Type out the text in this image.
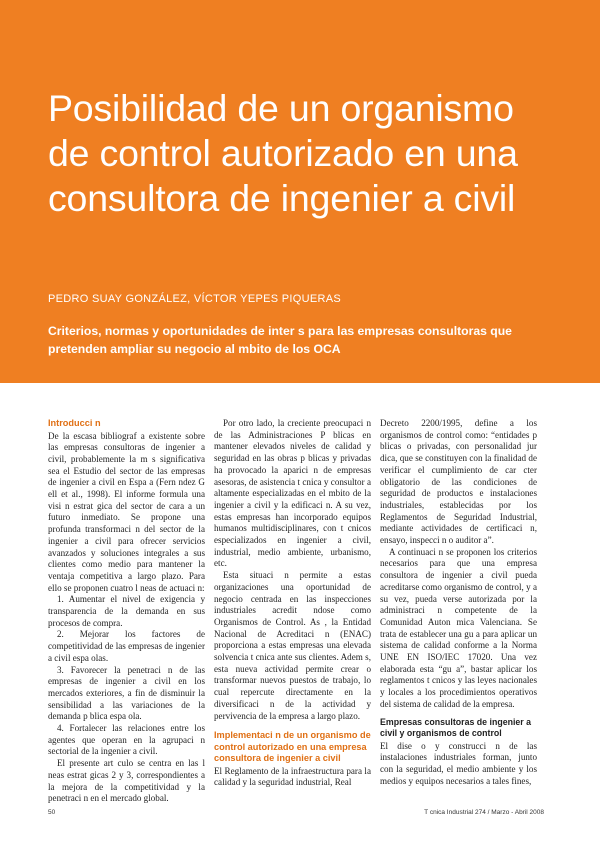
Posibilidad de un organismo
de control autorizado en una
consultora de ingenier a civil
PEDRO SUAY GONZÁLEZ, VÍCTOR YEPES PIQUERAS
Criterios, normas y oportunidades de inter s para las empresas consultoras que
pretenden ampliar su negocio al mbito de los OCA
Introducci n

De la escasa bibliograf a existente sobre las empresas consultoras de ingenier a civil, probablemente la m s significativa sea el Estudio del sector de las empresas de ingenier a civil en Espa a (Fern ndez G ell et al., 1998). El informe formula una visi n estrat gica del sector de cara a un futuro inmediato. Se propone una profunda transformaci n del sector de la ingenier a civil para ofrecer servicios avanzados y soluciones integrales a sus clientes como medio para mantener la ventaja competitiva a largo plazo. Para ello se proponen cuatro l neas de actuaci n:

1. Aumentar el nivel de exigencia y transparencia de la demanda en sus procesos de compra.

2. Mejorar los factores de competitividad de las empresas de ingenier a civil espa olas.

3. Favorecer la penetraci n de las empresas de ingenier a civil en los mercados exteriores, a fin de disminuir la sensibilidad a las variaciones de la demanda p blica espa ola.

4. Fortalecer las relaciones entre los agentes que operan en la agrupaci n sectorial de la ingenier a civil.

El presente art culo se centra en las l neas estrat gicas 2 y 3, correspondientes a la mejora de la competitividad y la penetraci n en el mercado global.

Por otro lado, la creciente preocupaci n de las Administraciones P blicas en mantener elevados niveles de calidad y seguridad en las obras p blicas y privadas ha provocado la aparici n de empresas asesoras, de asistencia t cnica y consultor a altamente especializadas en el mbito de la ingenier a civil y la edificaci n. A su vez, estas empresas han incorporado equipos humanos multidisciplinares, con t cnicos especializados en ingenier a civil, industrial, medio ambiente, urbanismo, etc.

Esta situaci n permite a estas organizaciones una oportunidad de negocio centrada en las inspecciones industriales acredit ndose como Organismos de Control. As , la Entidad Nacional de Acreditaci n (ENAC) proporciona a estas empresas una elevada solvencia t cnica ante sus clientes. Adem s, esta nueva actividad permite crear o transformar nuevos puestos de trabajo, lo cual repercute directamente en la diversificaci n de la actividad y pervivencia de la empresa a largo plazo.

Implementaci n de un organismo de control autorizado en una empresa consultora de ingenier a civil

El Reglamento de la infraestructura para la calidad y la seguridad industrial, Real

Decreto 2200/1995, define a los organismos de control como: “entidades p blicas o privadas, con personalidad jur dica, que se constituyen con la finalidad de verificar el cumplimiento de car cter obligatorio de las condiciones de seguridad de productos e instalaciones industriales, establecidas por los Reglamentos de Seguridad Industrial, mediante actividades de certificaci n, ensayo, inspecci n o auditor a”.

A continuaci n se proponen los criterios necesarios para que una empresa consultora de ingenier a civil pueda acreditarse como organismo de control, y a su vez, pueda verse autorizada por la administraci n competente de la Comunidad Auton mica Valenciana. Se trata de establecer una gu a para aplicar un sistema de calidad conforme a la Norma UNE EN ISO/IEC 17020. Una vez elaborada esta “gu a”, bastar aplicar los reglamentos t cnicos y las leyes nacionales y locales a los procedimientos operativos del sistema de calidad de la empresa.

Empresas consultoras de ingenier a civil y organismos de control

El dise o y construcci n de las instalaciones industriales forman, junto con la seguridad, el medio ambiente y los medios y equipos necesarios a tales fines,

50	T cnica Industrial 274 / Marzo - Abril 2008
